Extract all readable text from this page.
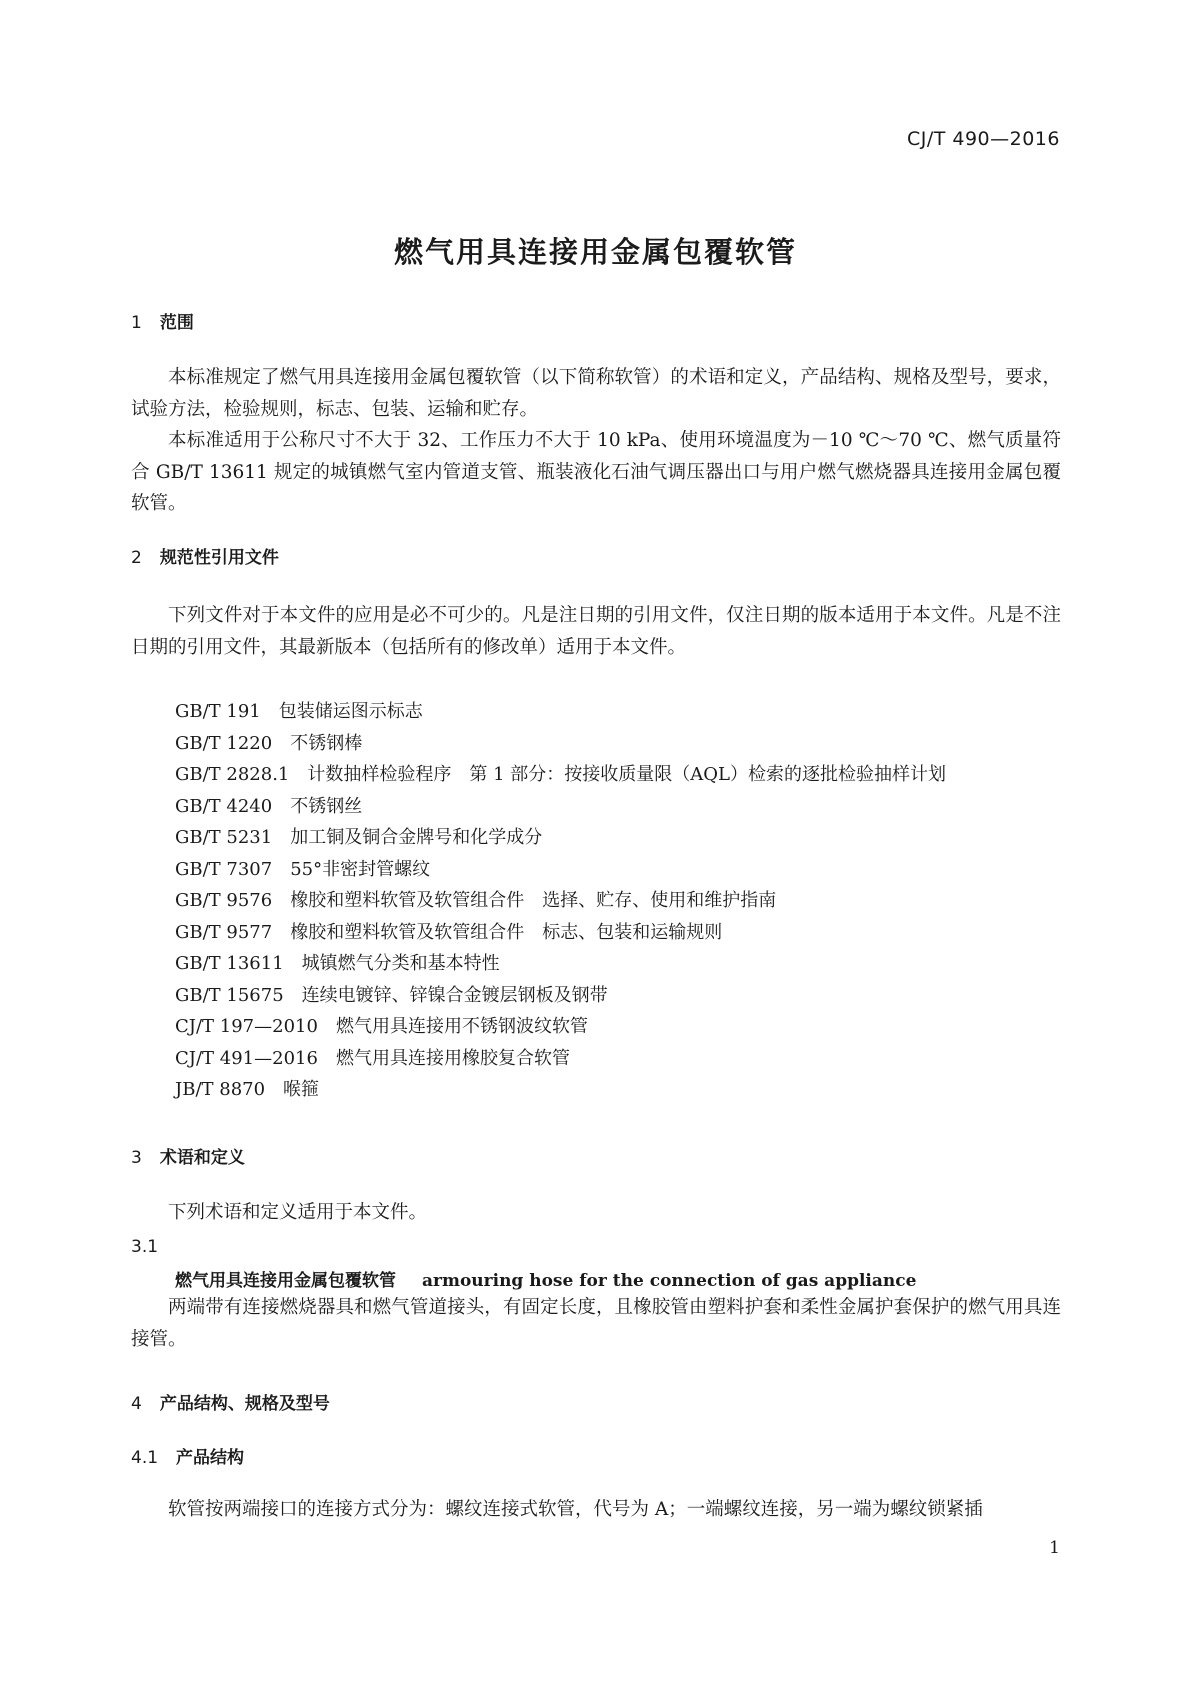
CJ/T 490—2016
燃气用具连接用金属包覆软管
1 范围
本标准规定了燃气用具连接用金属包覆软管（以下简称软管）的术语和定义，产品结构、规格及型号，要求，试验方法，检验规则，标志、包装、运输和贮存。
本标准适用于公称尺寸不大于 32、工作压力不大于 10 kPa、使用环境温度为－10 ℃～70 ℃、燃气质量符合 GB/T 13611 规定的城镇燃气室内管道支管、瓶装液化石油气调压器出口与用户燃气燃烧器具连接用金属包覆软管。
2 规范性引用文件
下列文件对于本文件的应用是必不可少的。凡是注日期的引用文件，仅注日期的版本适用于本文件。凡是不注日期的引用文件，其最新版本（包括所有的修改单）适用于本文件。
GB/T 191 包装储运图示标志
GB/T 1220 不锈钢棒
GB/T 2828.1 计数抽样检验程序　第 1 部分：按接收质量限（AQL）检索的逐批检验抽样计划
GB/T 4240 不锈钢丝
GB/T 5231 加工铜及铜合金牌号和化学成分
GB/T 7307 55°非密封管螺纹
GB/T 9576 橡胶和塑料软管及软管组合件　选择、贮存、使用和维护指南
GB/T 9577 橡胶和塑料软管及软管组合件　标志、包装和运输规则
GB/T 13611 城镇燃气分类和基本特性
GB/T 15675 连续电镀锌、锌镍合金镀层钢板及钢带
CJ/T 197—2010 燃气用具连接用不锈钢波纹软管
CJ/T 491—2016 燃气用具连接用橡胶复合软管
JB/T 8870 喉箍
3 术语和定义
下列术语和定义适用于本文件。
3.1
燃气用具连接用金属包覆软管 armouring hose for the connection of gas appliance
两端带有连接燃烧器具和燃气管道接头，有固定长度，且橡胶管由塑料护套和柔性金属护套保护的燃气用具连接管。
4 产品结构、规格及型号
4.1 产品结构
软管按两端接口的连接方式分为：螺纹连接式软管，代号为 A；一端螺纹连接，另一端为螺纹锁紧插
1
